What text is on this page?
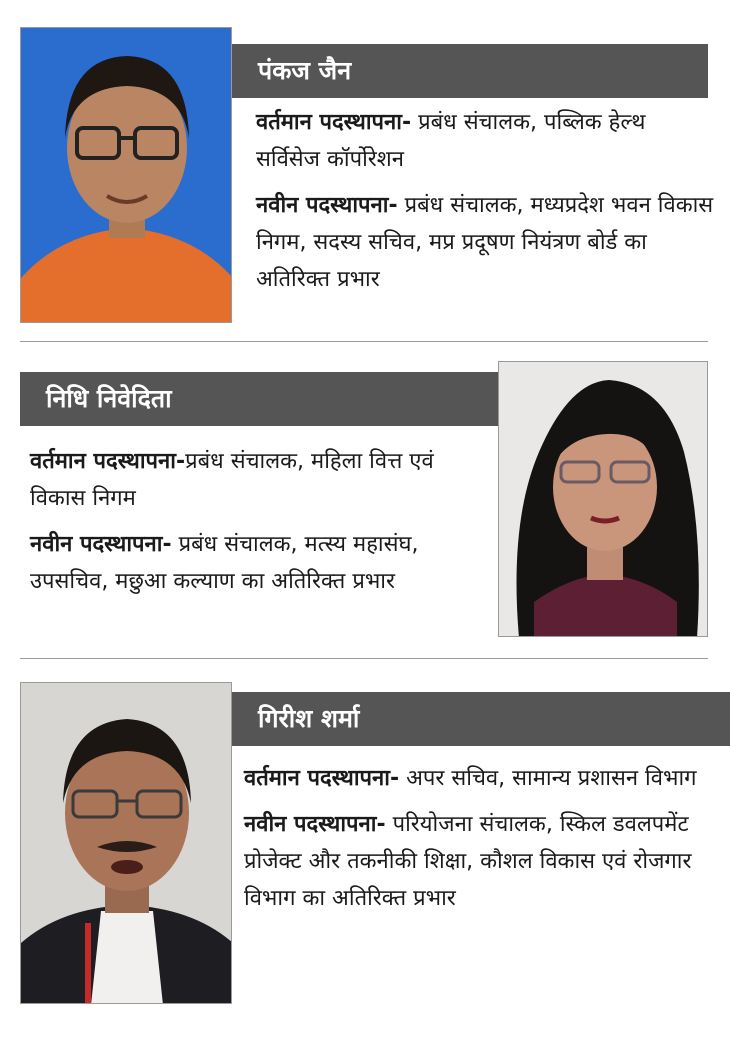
पंकज जैन

वर्तमान पदस्थापना- प्रबंध संचालक, पब्लिक हेल्थ सर्विसेज कॉर्पोरेशन

नवीन पदस्थापना- प्रबंध संचालक, मध्यप्रदेश भवन विकास निगम, सदस्य सचिव, मप्र प्रदूषण नियंत्रण बोर्ड का अतिरिक्त प्रभार

निधि निवेदिता

वर्तमान पदस्थापना-प्रबंध संचालक, महिला वित्त एवं विकास निगम

नवीन पदस्थापना- प्रबंध संचालक, मत्स्य महासंघ, उपसचिव, मछुआ कल्याण का अतिरिक्त प्रभार

गिरीश शर्मा

वर्तमान पदस्थापना- अपर सचिव, सामान्य प्रशासन विभाग

नवीन पदस्थापना- परियोजना संचालक, स्किल डवलपमेंट प्रोजेक्ट और तकनीकी शिक्षा, कौशल विकास एवं रोजगार विभाग का अतिरिक्त प्रभार
